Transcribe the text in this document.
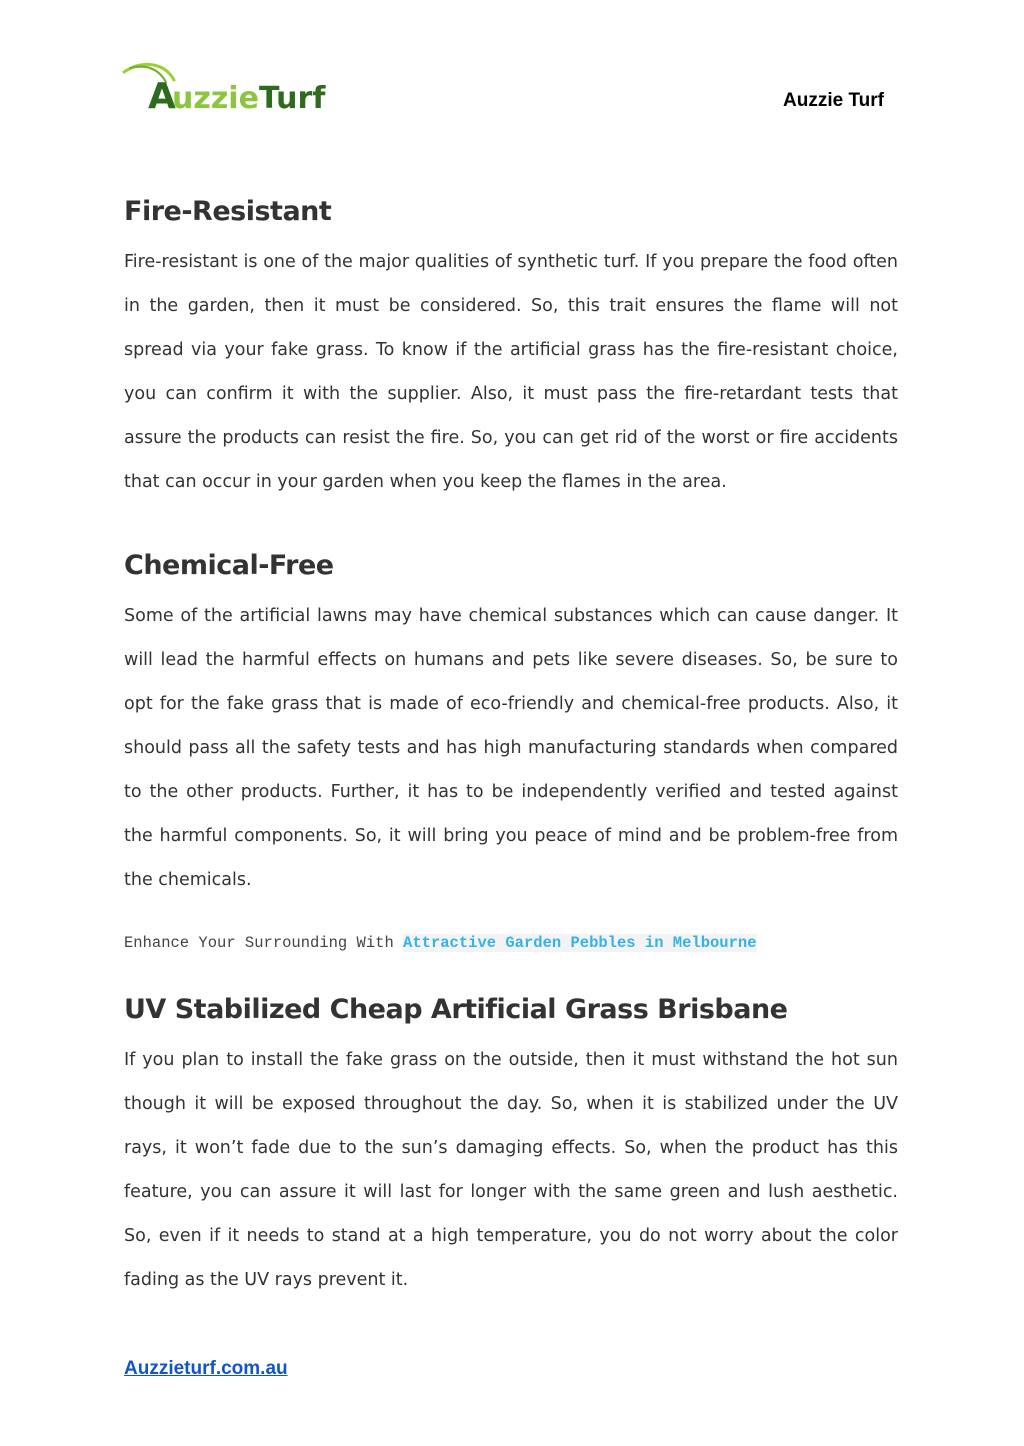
A
uzzie Turf	Auzzie Turf
Fire-Resistant

Fire-resistant is one of the major qualities of synthetic turf. If you prepare the food often in the garden, then it must be considered. So, this trait ensures the flame will not spread via your fake grass. To know if the artificial grass has the fire-resistant choice, you can confirm it with the supplier. Also, it must pass the fire-retardant tests that assure the products can resist the fire. So, you can get rid of the worst or fire accidents that can occur in your garden when you keep the flames in the area.

Chemical-Free

Some of the artificial lawns may have chemical substances which can cause danger. It will lead the harmful effects on humans and pets like severe diseases. So, be sure to opt for the fake grass that is made of eco-friendly and chemical-free products. Also, it should pass all the safety tests and has high manufacturing standards when compared to the other products. Further, it has to be independently verified and tested against the harmful components. So, it will bring you peace of mind and be problem-free from the chemicals.

Enhance Your Surrounding With Attractive Garden Pebbles in Melbourne
UV Stabilized Cheap Artificial Grass Brisbane

If you plan to install the fake grass on the outside, then it must withstand the hot sun though it will be exposed throughout the day. So, when it is stabilized under the UV rays, it won’t fade due to the sun’s damaging effects. So, when the product has this feature, you can assure it will last for longer with the same green and lush aesthetic. So, even if it needs to stand at a high temperature, you do not worry about the color fading as the UV rays prevent it.

Auzzieturf.com.au
